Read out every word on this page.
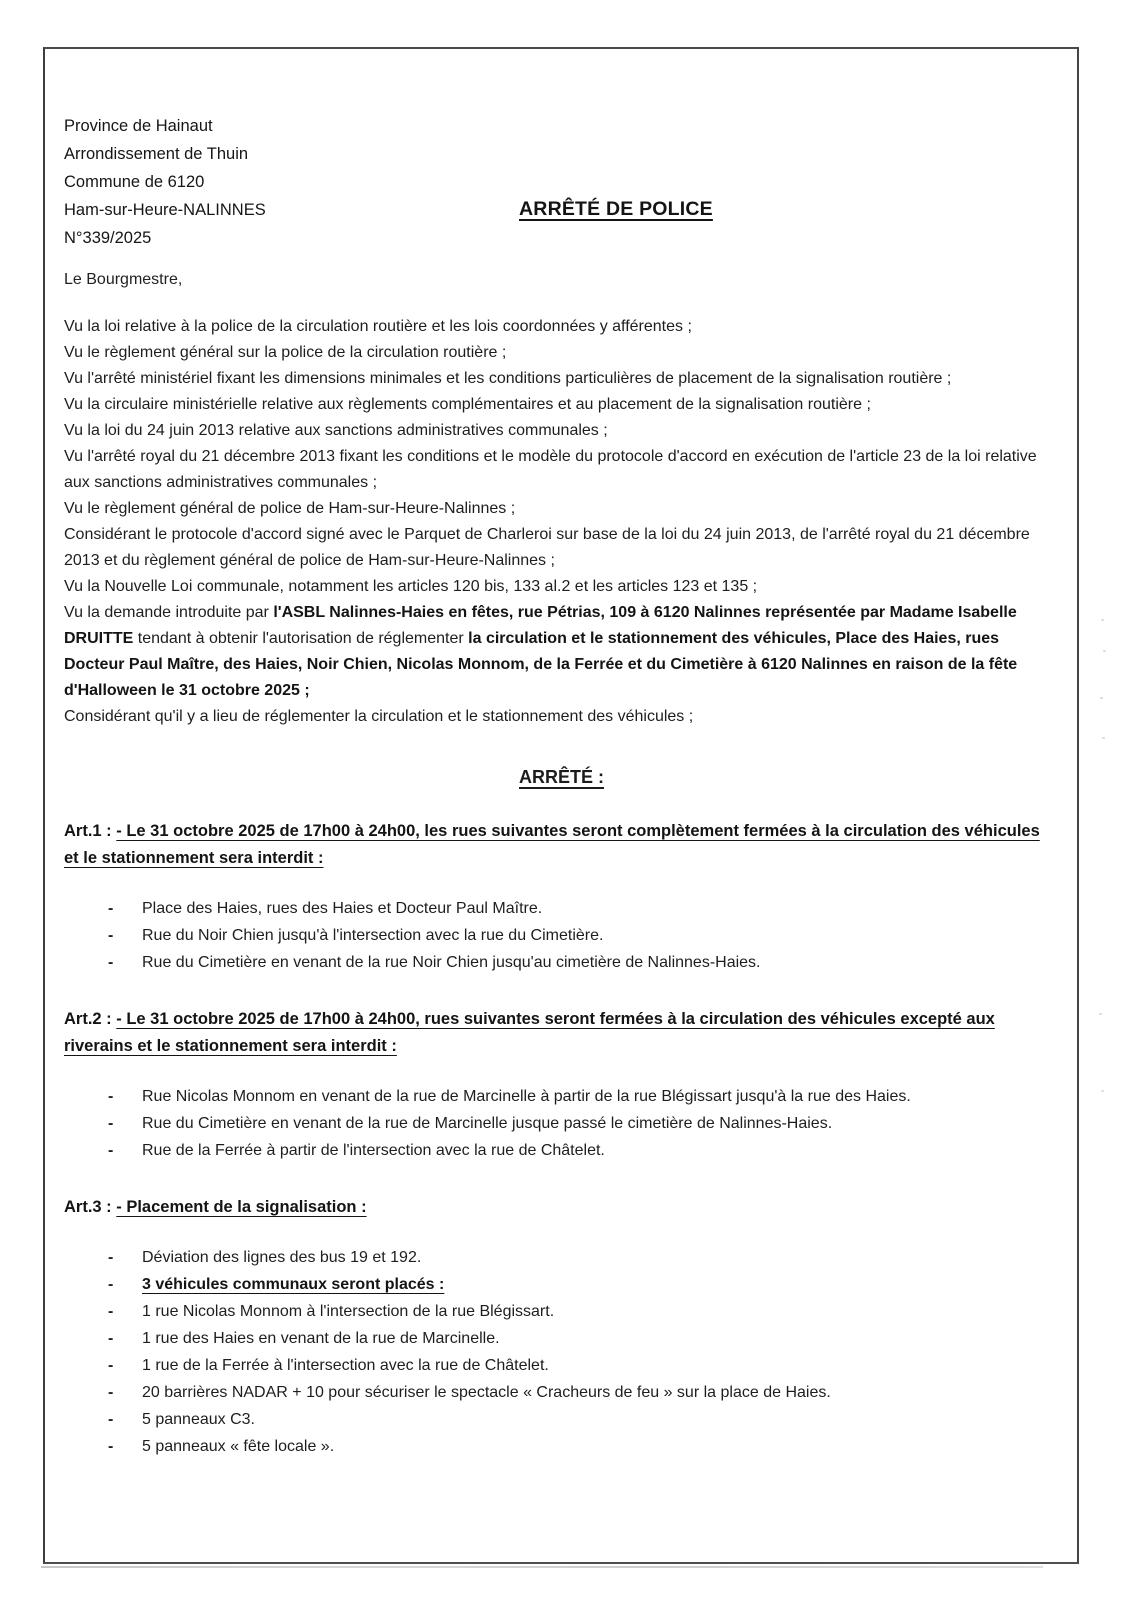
Province de Hainaut
Arrondissement de Thuin
Commune de 6120
Ham-sur-Heure-NALINNES
N°339/2025
ARRÊTÉ DE POLICE
Le Bourgmestre,

Vu la loi relative à la police de la circulation routière et les lois coordonnées y afférentes ;

Vu le règlement général sur la police de la circulation routière ;

Vu l'arrêté ministériel fixant les dimensions minimales et les conditions particulières de placement de la signalisation routière ;

Vu la circulaire ministérielle relative aux règlements complémentaires et au placement de la signalisation routière ;

Vu la loi du 24 juin 2013 relative aux sanctions administratives communales ;

Vu l'arrêté royal du 21 décembre 2013 fixant les conditions et le modèle du protocole d'accord en exécution de l'article 23 de la loi relative aux sanctions administratives communales ;

Vu le règlement général de police de Ham-sur-Heure-Nalinnes ;

Considérant le protocole d'accord signé avec le Parquet de Charleroi sur base de la loi du 24 juin 2013, de l'arrêté royal du 21 décembre 2013 et du règlement général de police de Ham-sur-Heure-Nalinnes ;

Vu la Nouvelle Loi communale, notamment les articles 120 bis, 133 al.2 et les articles 123 et 135 ;

Vu la demande introduite par l'ASBL Nalinnes-Haies en fêtes, rue Pétrias, 109 à 6120 Nalinnes représentée par Madame Isabelle DRUITTE tendant à obtenir l'autorisation de réglementer la circulation et le stationnement des véhicules, Place des Haies, rues Docteur Paul Maître, des Haies, Noir Chien, Nicolas Monnom, de la Ferrée et du Cimetière à 6120 Nalinnes en raison de la fête d'Halloween le 31 octobre 2025 ;

Considérant qu'il y a lieu de réglementer la circulation et le stationnement des véhicules ;

ARRÊTÉ :

Art.1 : - Le 31 octobre 2025 de 17h00 à 24h00, les rues suivantes seront complètement fermées à la circulation des véhicules et le stationnement sera interdit :

- Place des Haies, rues des Haies et Docteur Paul Maître.
- Rue du Noir Chien jusqu'à l'intersection avec la rue du Cimetière.
- Rue du Cimetière en venant de la rue Noir Chien jusqu'au cimetière de Nalinnes-Haies.

Art.2 : - Le 31 octobre 2025 de 17h00 à 24h00, rues suivantes seront fermées à la circulation des véhicules excepté aux riverains et le stationnement sera interdit :

- Rue Nicolas Monnom en venant de la rue de Marcinelle à partir de la rue Blégissart jusqu'à la rue des Haies.
- Rue du Cimetière en venant de la rue de Marcinelle jusque passé le cimetière de Nalinnes-Haies.
- Rue de la Ferrée à partir de l'intersection avec la rue de Châtelet.

Art.3 : - Placement de la signalisation :

- Déviation des lignes des bus 19 et 192.
- 3 véhicules communaux seront placés :
- 1 rue Nicolas Monnom à l'intersection de la rue Blégissart.
- 1 rue des Haies en venant de la rue de Marcinelle.
- 1 rue de la Ferrée à l'intersection avec la rue de Châtelet.
- 20 barrières NADAR + 10 pour sécuriser le spectacle « Cracheurs de feu » sur la place de Haies.
- 5 panneaux C3.
- 5 panneaux « fête locale ».
